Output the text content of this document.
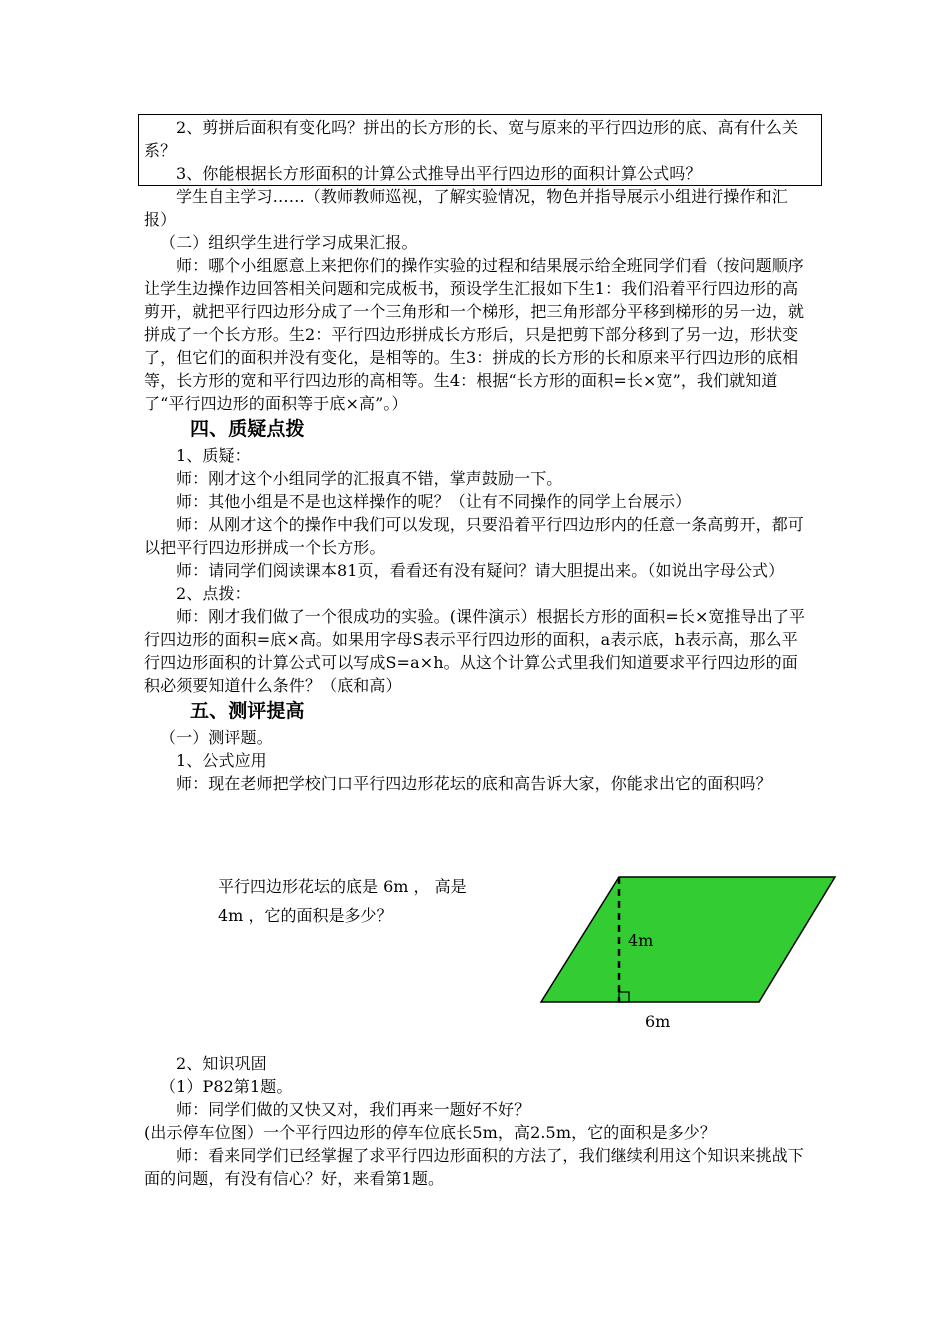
2、剪拼后面积有变化吗？拼出的长方形的长、宽与原来的平行四边形的底、高有什么关系？

3、你能根据长方形面积的计算公式推导出平行四边形的面积计算公式吗？

学生自主学习……（教师教师巡视，了解实验情况，物色并指导展示小组进行操作和汇报）

（二）组织学生进行学习成果汇报。

师：哪个小组愿意上来把你们的操作实验的过程和结果展示给全班同学们看（按问题顺序让学生边操作边回答相关问题和完成板书，预设学生汇报如下生1：我们沿着平行四边形的高剪开，就把平行四边形分成了一个三角形和一个梯形，把三角形部分平移到梯形的另一边，就拼成了一个长方形。生2：平行四边形拼成长方形后，只是把剪下部分移到了另一边，形状变了，但它们的面积并没有变化，是相等的。生3：拼成的长方形的长和原来平行四边形的底相等，长方形的宽和平行四边形的高相等。生4：根据“长方形的面积=长×宽”，我们就知道了“平行四边形的面积等于底×高”。）

四、质疑点拨

1、质疑：

师：刚才这个小组同学的汇报真不错，掌声鼓励一下。

师：其他小组是不是也这样操作的呢？（让有不同操作的同学上台展示）

师：从刚才这个的操作中我们可以发现，只要沿着平行四边形内的任意一条高剪开，都可以把平行四边形拼成一个长方形。

师：请同学们阅读课本81页，看看还有没有疑问？请大胆提出来。（如说出字母公式）

2、点拨：

师：刚才我们做了一个很成功的实验。(课件演示）根据长方形的面积=长×宽推导出了平行四边形的面积=底×高。如果用字母S表示平行四边形的面积，a表示底，h表示高，那么平行四边形面积的计算公式可以写成S=a×h。从这个计算公式里我们知道要求平行四边形的面积必须要知道什么条件？（底和高）

五、测评提高

（一）测评题。

1、公式应用

师：现在老师把学校门口平行四边形花坛的底和高告诉大家，你能求出它的面积吗？

平行四边形花坛的底是 6m ， 高是
4m ，它的面积是多少？
4m
6m

2、知识巩固

（1）P82第1题。

师：同学们做的又快又对，我们再来一题好不好？

(出示停车位图）一个平行四边形的停车位底长5m，高2.5m，它的面积是多少？

师：看来同学们已经掌握了求平行四边形面积的方法了，我们继续利用这个知识来挑战下面的问题，有没有信心？好，来看第1题。
